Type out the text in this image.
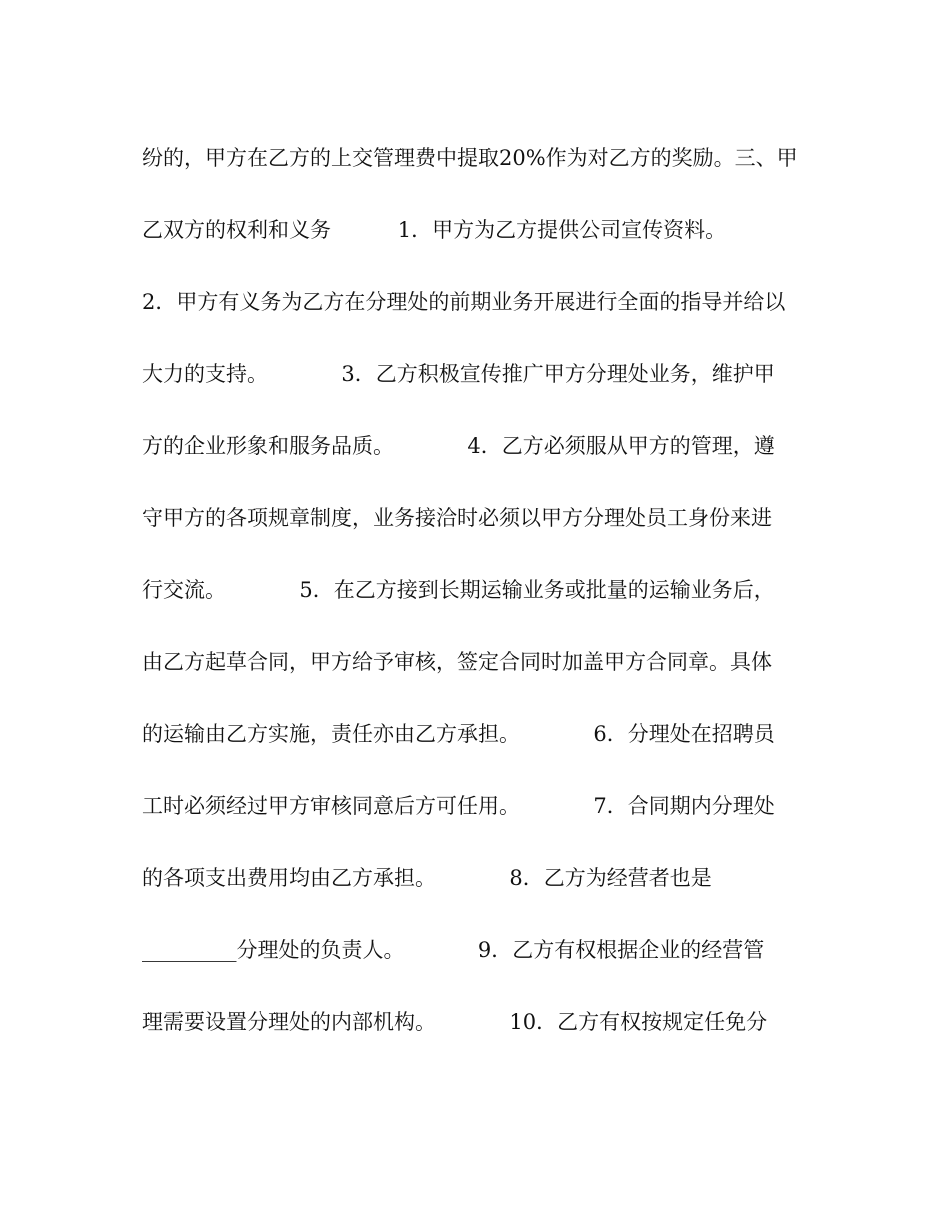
纷的，甲方在乙方的上交管理费中提取20%作为对乙方的奖励。三、甲
乙双方的权利和义务          1．甲方为乙方提供公司宣传资料。
2．甲方有义务为乙方在分理处的前期业务开展进行全面的指导并给以
大力的支持。           3．乙方积极宣传推广甲方分理处业务，维护甲
方的企业形象和服务品质。           4．乙方必须服从甲方的管理，遵
守甲方的各项规章制度，业务接洽时必须以甲方分理处员工身份来进
行交流。           5．在乙方接到长期运输业务或批量的运输业务后，
由乙方起草合同，甲方给予审核，签定合同时加盖甲方合同章。具体
的运输由乙方实施，责任亦由乙方承担。           6．分理处在招聘员
工时必须经过甲方审核同意后方可任用。           7．合同期内分理处
的各项支出费用均由乙方承担。           8．乙方为经营者也是
_________分理处的负责人。           9．乙方有权根据企业的经营管
理需要设置分理处的内部机构。           10．乙方有权按规定任免分
